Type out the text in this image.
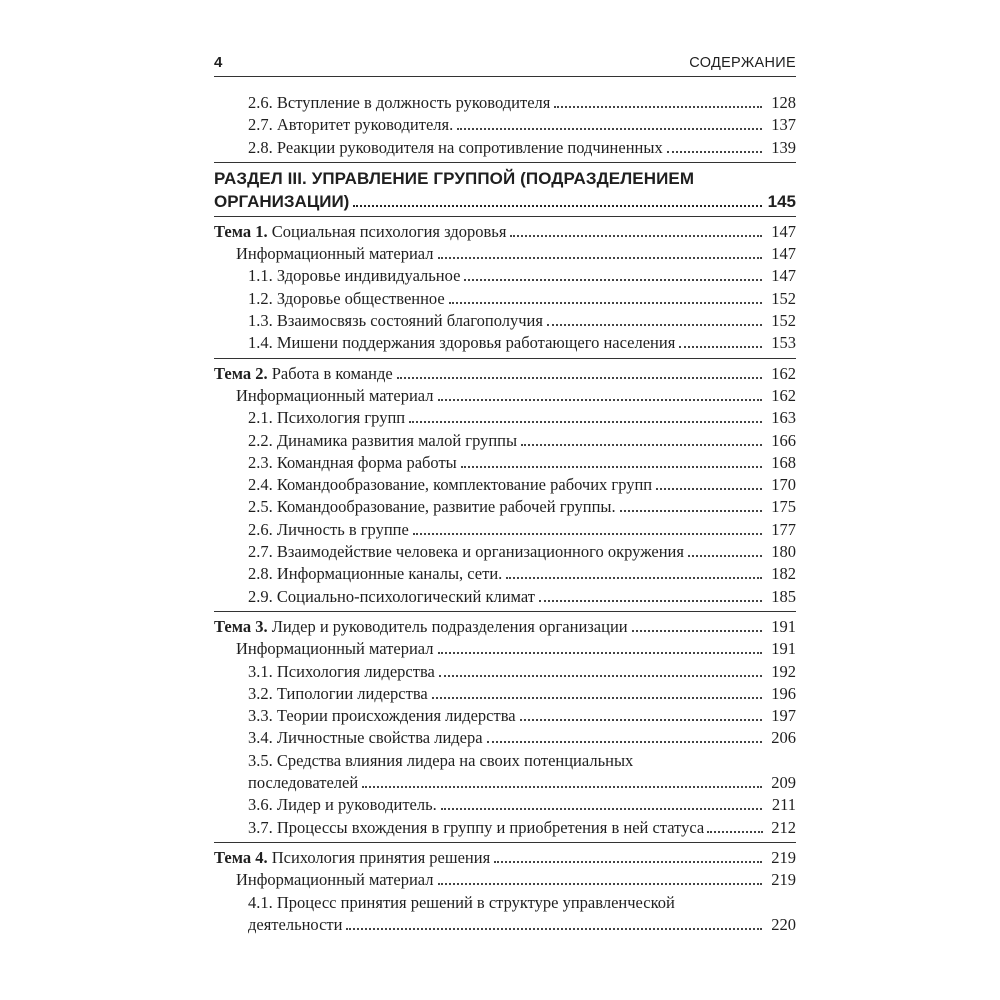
4	СОДЕРЖАНИЕ
2.6. Вступление в должность руководителя	128
2.7. Авторитет руководителя.	137
2.8. Реакции руководителя на сопротивление подчиненных	139
РАЗДЕЛ III. УПРАВЛЕНИЕ ГРУППОЙ (ПОДРАЗДЕЛЕНИЕМ
ОРГАНИЗАЦИИ)	145
Тема 1. Социальная психология здоровья	147
Информационный материал	147
1.1. Здоровье индивидуальное	147
1.2. Здоровье общественное	152
1.3. Взаимосвязь состояний благополучия	152
1.4. Мишени поддержания здоровья работающего населения	153
Тема 2. Работа в команде	162
Информационный материал	162
2.1. Психология групп	163
2.2. Динамика развития малой группы	166
2.3. Командная форма работы	168
2.4. Командообразование, комплектование рабочих групп	170
2.5. Командообразование, развитие рабочей группы.	175
2.6. Личность в группе	177
2.7. Взаимодействие человека и организационного окружения	180
2.8. Информационные каналы, сети.	182
2.9. Социально-психологический климат	185
Тема 3. Лидер и руководитель подразделения организации	191
Информационный материал	191
3.1. Психология лидерства	192
3.2. Типологии лидерства	196
3.3. Теории происхождения лидерства	197
3.4. Личностные свойства лидера	206
3.5. Средства влияния лидера на своих потенциальных
последователей	209
3.6. Лидер и руководитель.	211
3.7. Процессы вхождения в группу и приобретения в ней статуса	212
Тема 4. Психология принятия решения	219
Информационный материал	219
4.1. Процесс принятия решений в структуре управленческой
деятельности	220
